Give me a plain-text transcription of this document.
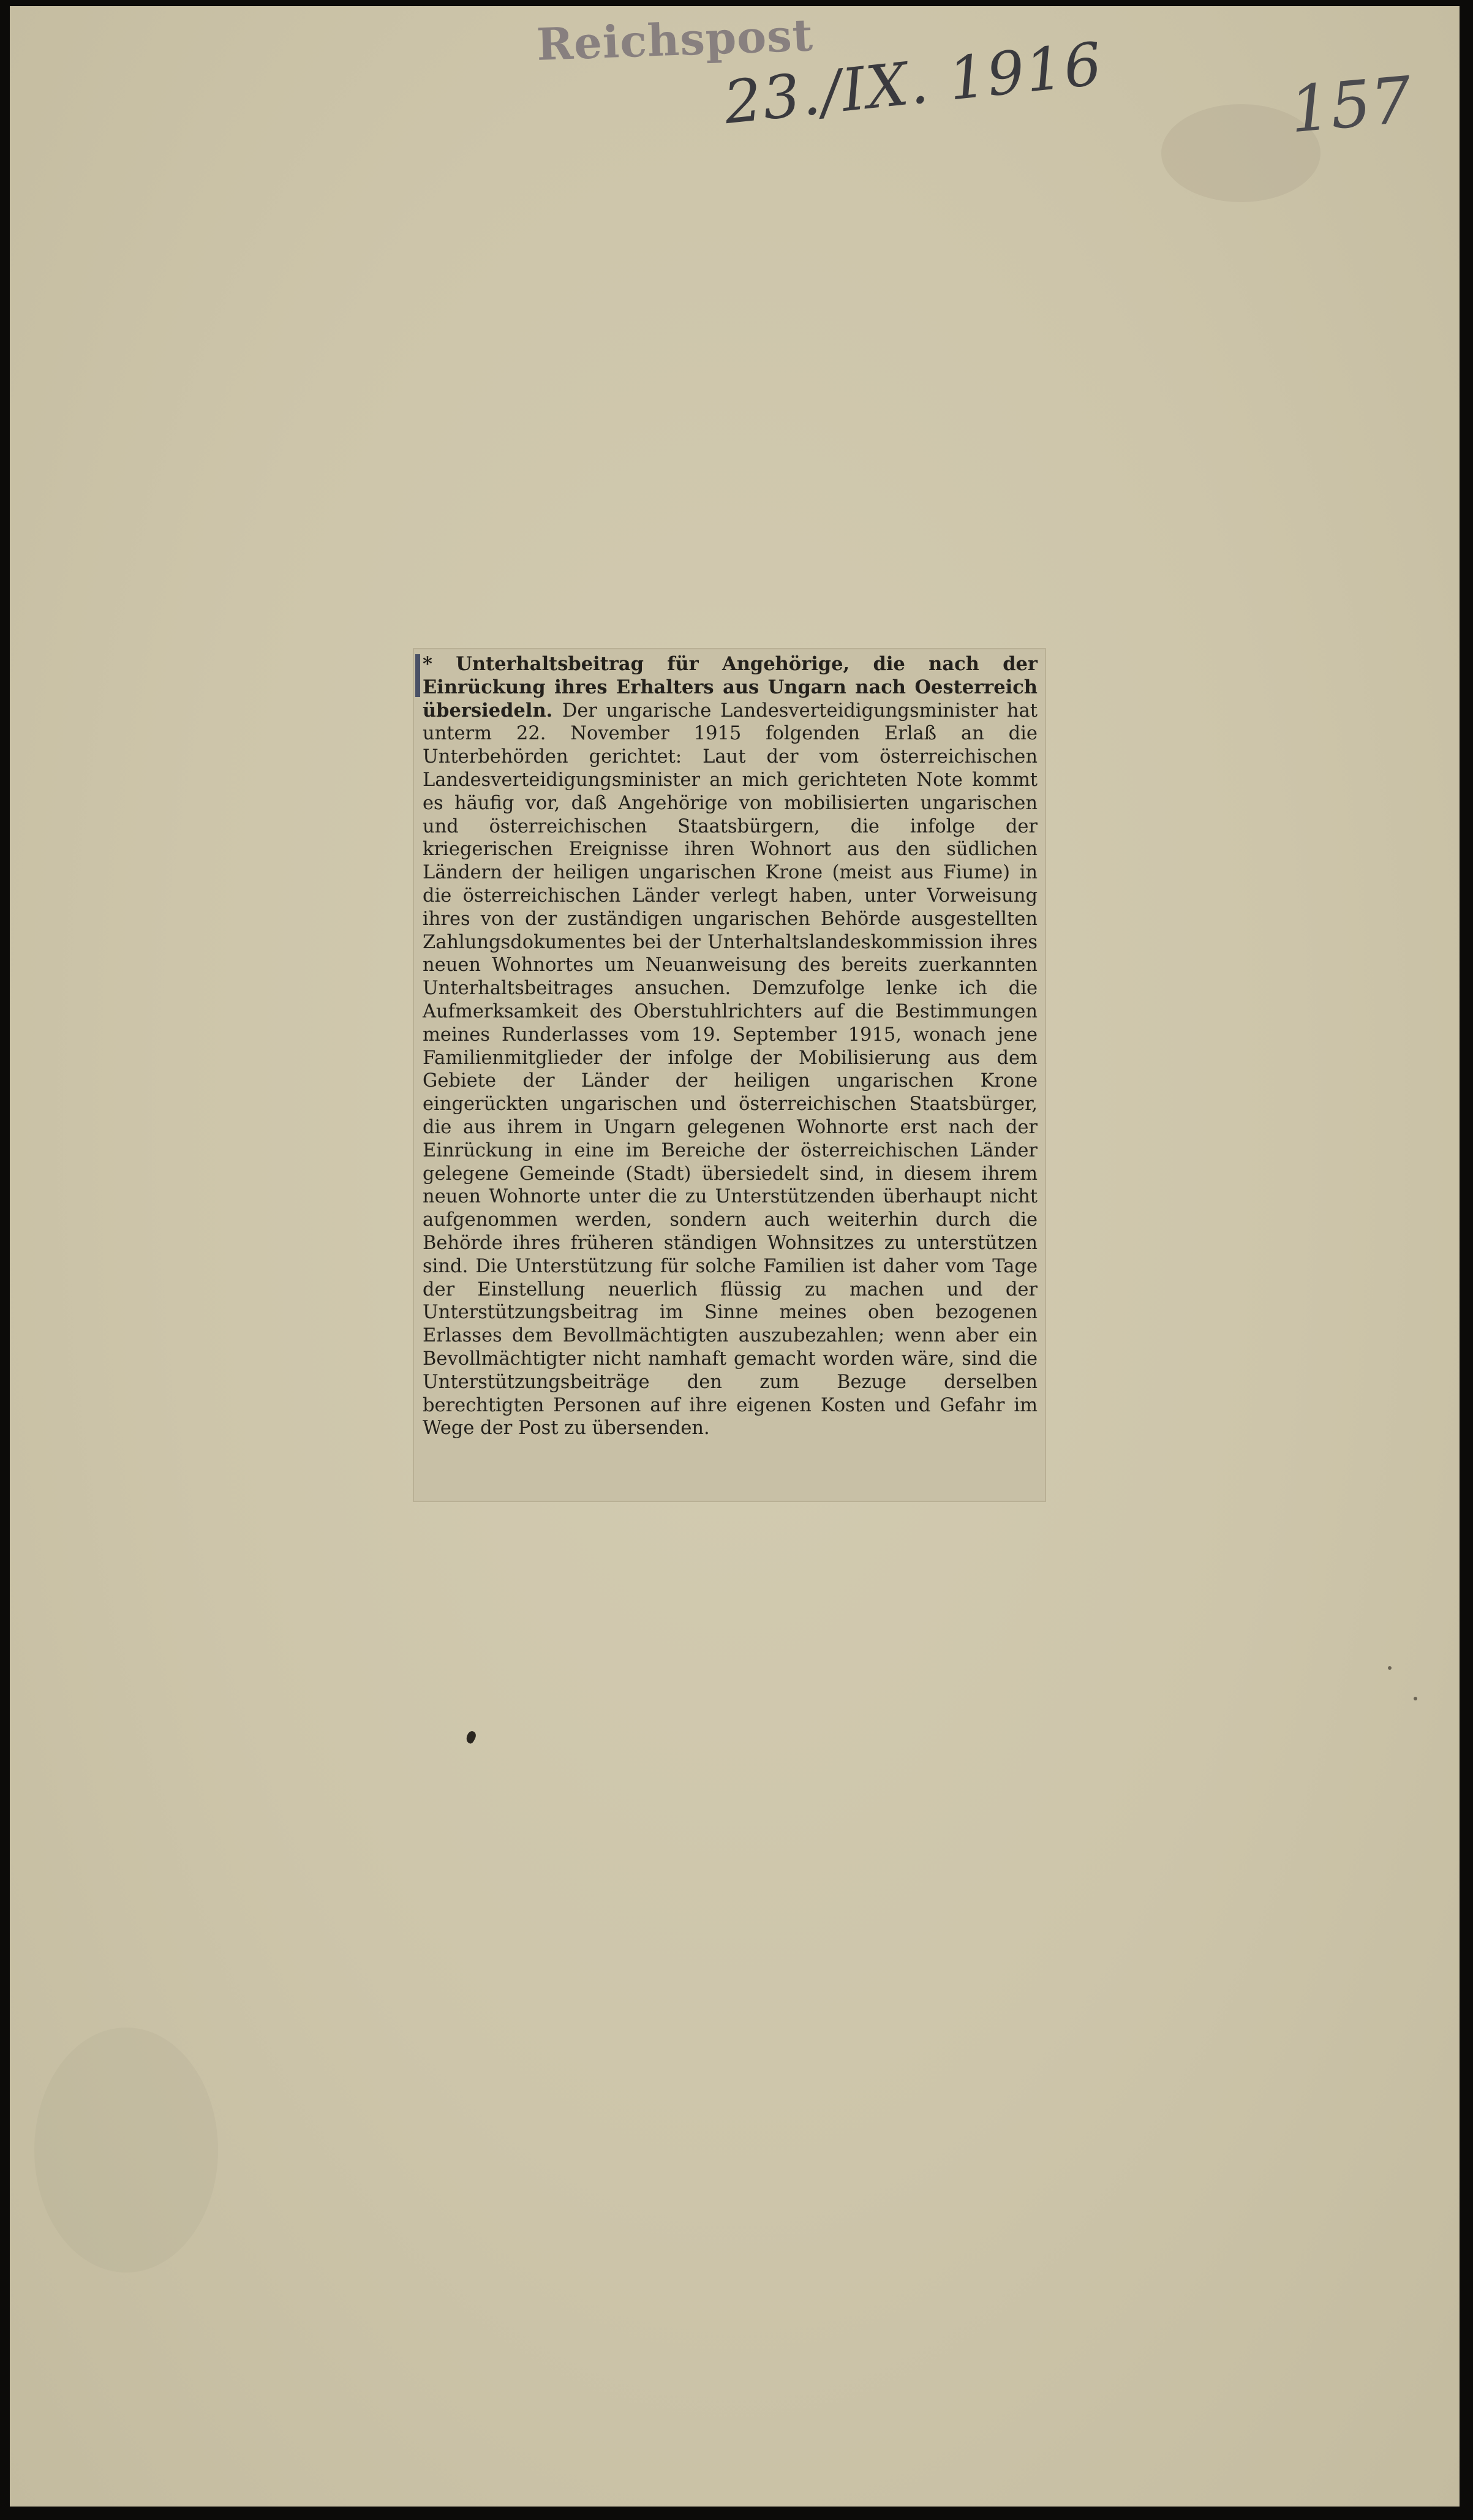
Reichspost
23./IX. 1916	157

* Unterhaltsbeitrag für Angehörige, die nach der Einrückung ihres Erhalters aus Ungarn nach Oesterreich übersiedeln. Der ungarische Landesverteidigungsminister hat unterm 22. November 1915 folgenden Erlaß an die Unterbehörden gerichtet: Laut der vom österreichischen Landesverteidigungsminister an mich gerichteten Note kommt es häufig vor, daß Angehörige von mobilisierten ungarischen und österreichischen Staatsbürgern, die infolge der kriegerischen Ereignisse ihren Wohnort aus den südlichen Ländern der heiligen ungarischen Krone (meist aus Fiume) in die österreichischen Länder verlegt haben, unter Vorweisung ihres von der zuständigen ungarischen Behörde ausgestellten Zahlungsdokumentes bei der Unterhaltslandeskommission ihres neuen Wohnortes um Neuanweisung des bereits zuerkannten Unterhaltsbeitrages ansuchen. Demzufolge lenke ich die Aufmerksamkeit des Oberstuhlrichters auf die Bestimmungen meines Runderlasses vom 19. September 1915, wonach jene Familienmitglieder der infolge der Mobilisierung aus dem Gebiete der Länder der heiligen ungarischen Krone eingerückten ungarischen und österreichischen Staatsbürger, die aus ihrem in Ungarn gelegenen Wohnorte erst nach der Einrückung in eine im Bereiche der österreichischen Länder gelegene Gemeinde (Stadt) übersiedelt sind, in diesem ihrem neuen Wohnorte unter die zu Unterstützenden überhaupt nicht aufgenommen werden, sondern auch weiterhin durch die Behörde ihres früheren ständigen Wohnsitzes zu unterstützen sind. Die Unterstützung für solche Familien ist daher vom Tage der Einstellung neuerlich flüssig zu machen und der Unterstützungsbeitrag im Sinne meines oben bezogenen Erlasses dem Bevollmächtigten auszubezahlen; wenn aber ein Bevollmächtigter nicht namhaft gemacht worden wäre, sind die Unterstützungsbeiträge den zum Bezuge derselben berechtigten Personen auf ihre eigenen Kosten und Gefahr im Wege der Post zu übersenden.
